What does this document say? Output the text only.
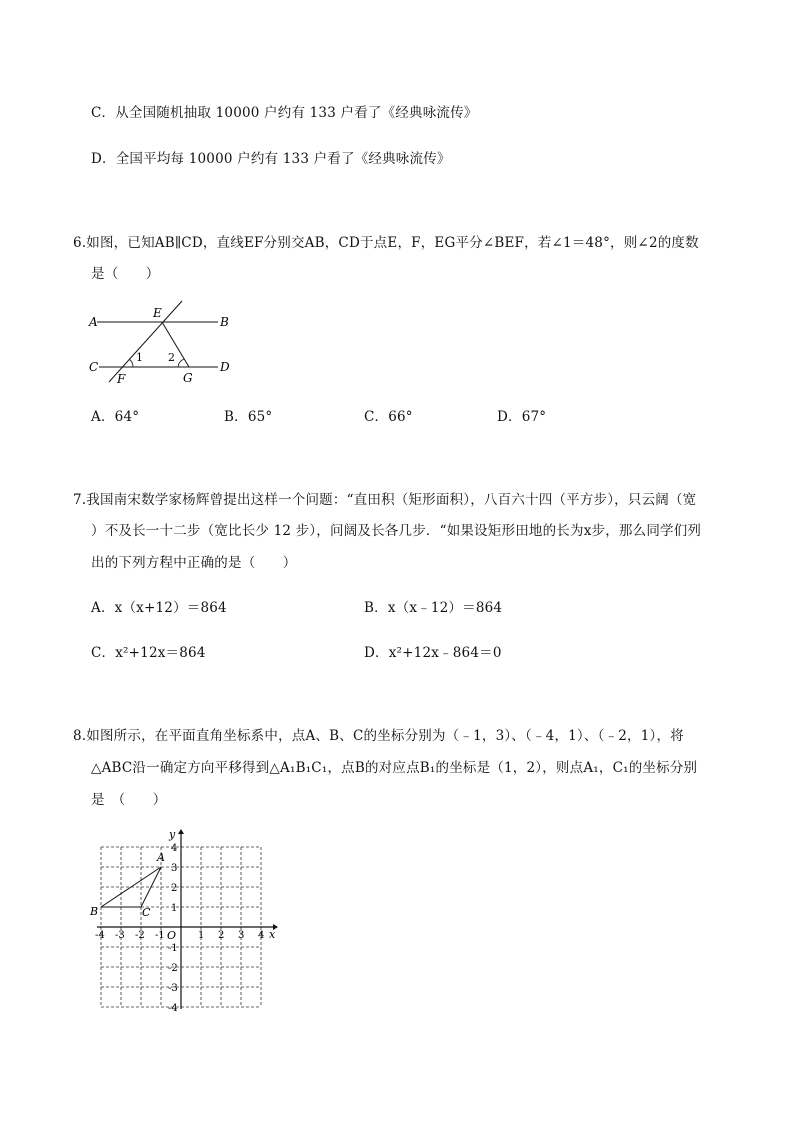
C．从全国随机抽取 10000 户约有 133 户看了《经典咏流传》
D．全国平均每 10000 户约有 133 户看了《经典咏流传》
6.如图，已知AB∥CD，直线EF分别交AB，CD于点E，F，EG平分∠BEF，若∠1＝48°，则∠2的度数
是（　　）
A	B
E
C	D
F	G
1 2
A．64°	B．65°	C．66°	D．67°
7.我国南宋数学家杨辉曾提出这样一个问题：“直田积（矩形面积），八百六十四（平方步），只云阔（宽
）不及长一十二步（宽比长少 12 步），问阔及长各几步．“如果设矩形田地的长为x步，那么同学们列
出的下列方程中正确的是（　　）
A．x（x+12）＝864	B．x（x﹣12）＝864
C．x²+12x＝864	D．x²+12x﹣864＝0
8.如图所示，在平面直角坐标系中，点A、B、C的坐标分别为（﹣1，3）、（﹣4，1）、（﹣2，1），将
△ABC沿一确定方向平移得到△A₁B₁C₁，点B的对应点B₁的坐标是（1，2），则点A₁，C₁的坐标分别
是　（　　）
x
y
O
A
B	C
-4 -3 -2 -1	1 2 3 4
4
3
2
1
-1
-2
-3
-4
